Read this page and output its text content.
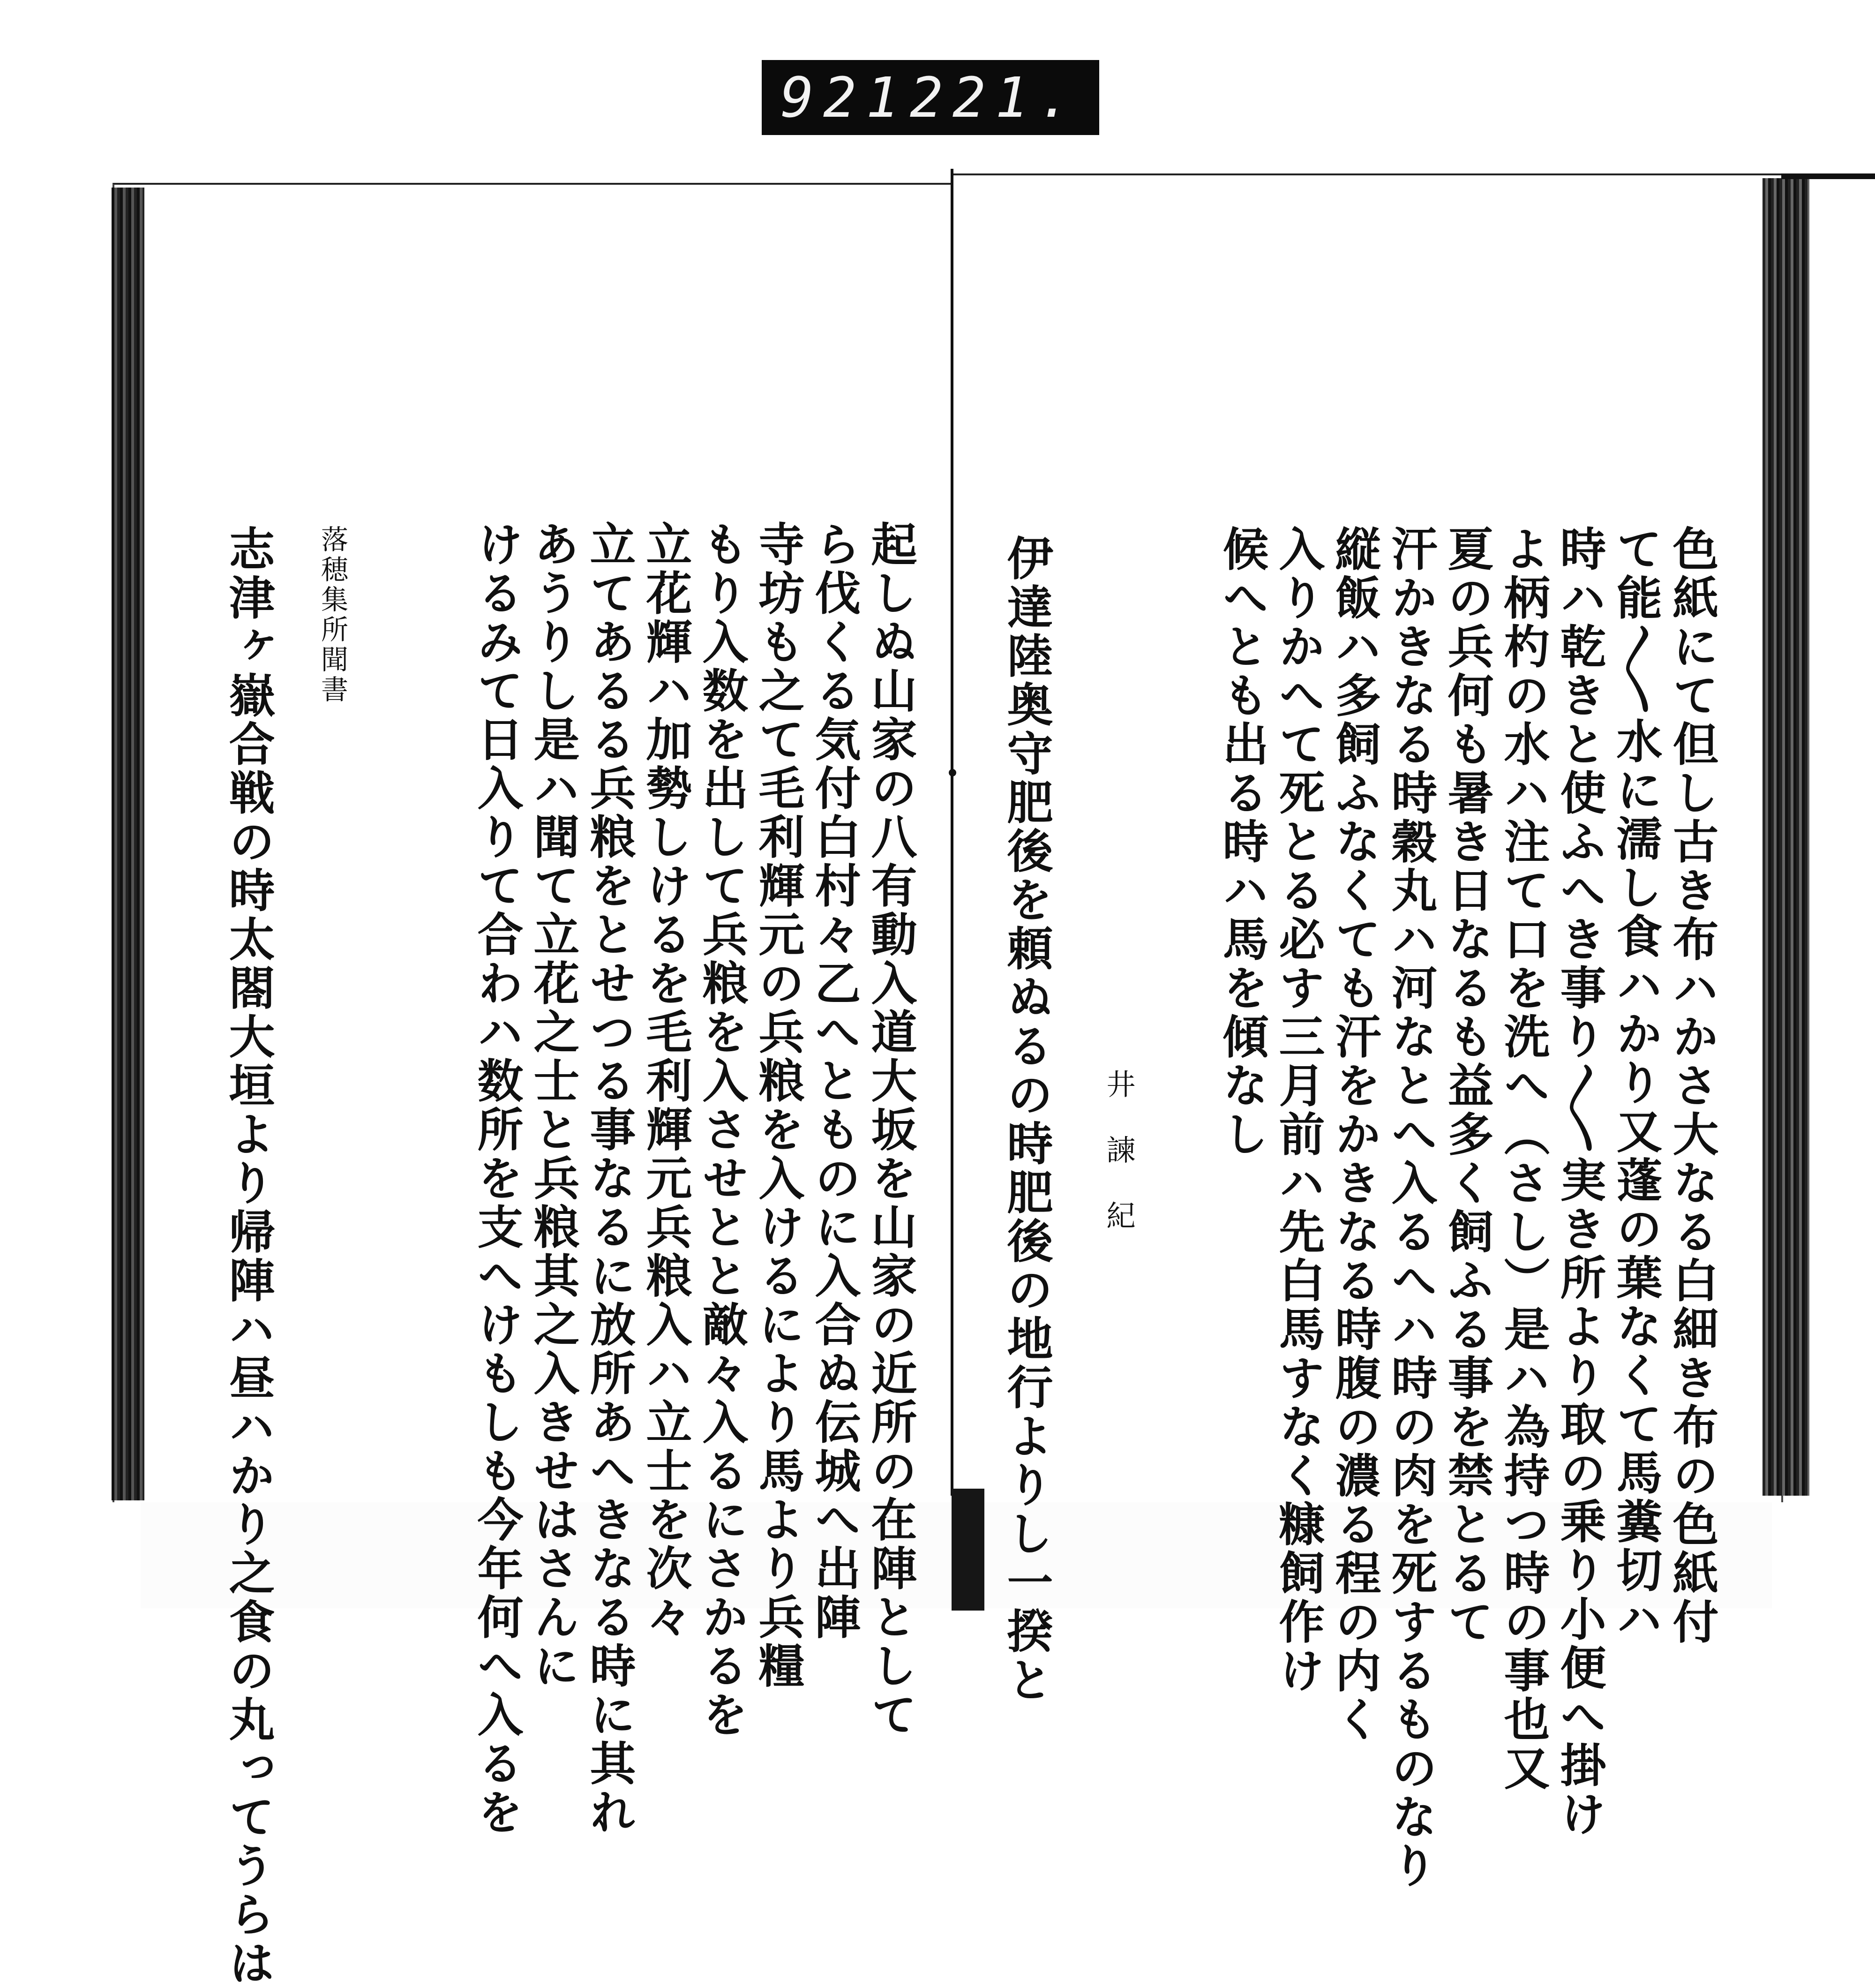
921 221.
色紙にて但し古き布ハかさ大なる白細き布の色紙付
て能〳〵水に濡し食ハかり又蓬の葉なくて馬糞切ハ
時ハ乾きと使ふへき事り〳〵実き所より取の乗り小便へ掛け
よ柄杓の水ハ注て口を洗へ（さし）是ハ為持つ時の事也又
夏の兵何も暑き日なるも益多く飼ふる事を禁とるて
汗かきなる時穀丸ハ河なとへ入るへハ時の肉を死するものなり
縦飯ハ多飼ふなくても汗をかきなる時腹の濃る程の内く
入りかへて死とる必す三月前ハ先白馬すなく糠飼作け
候へとも出る時ハ馬を傾なし
井　諫　紀
伊達陸奥守肥後を頼ぬるの時肥後の地行よりし一揆と
起しぬ山家の八有動入道大坂を山家の近所の在陣として
ら伐くる気付白村々乙へとものに入合ぬ伝城へ出陣
寺坊も之て毛利輝元の兵粮を入けるにより馬より兵糧
もり入数を出して兵粮を入させとと敵々入るにさかるを
立花輝ハ加勢しけるを毛利輝元兵粮入ハ立士を次々
立てあるる兵粮をとせつる事なるに放所あへきなる時に其れ
あうりし是ハ聞て立花之士と兵粮其之入きせはさんに
けるみて日入りて合わハ数所を支へけもしも今年何へ入るを
落穂集所聞書
志津ヶ嶽合戦の時太閤大垣より帰陣ハ昼ハかり之食の丸ってうらは
